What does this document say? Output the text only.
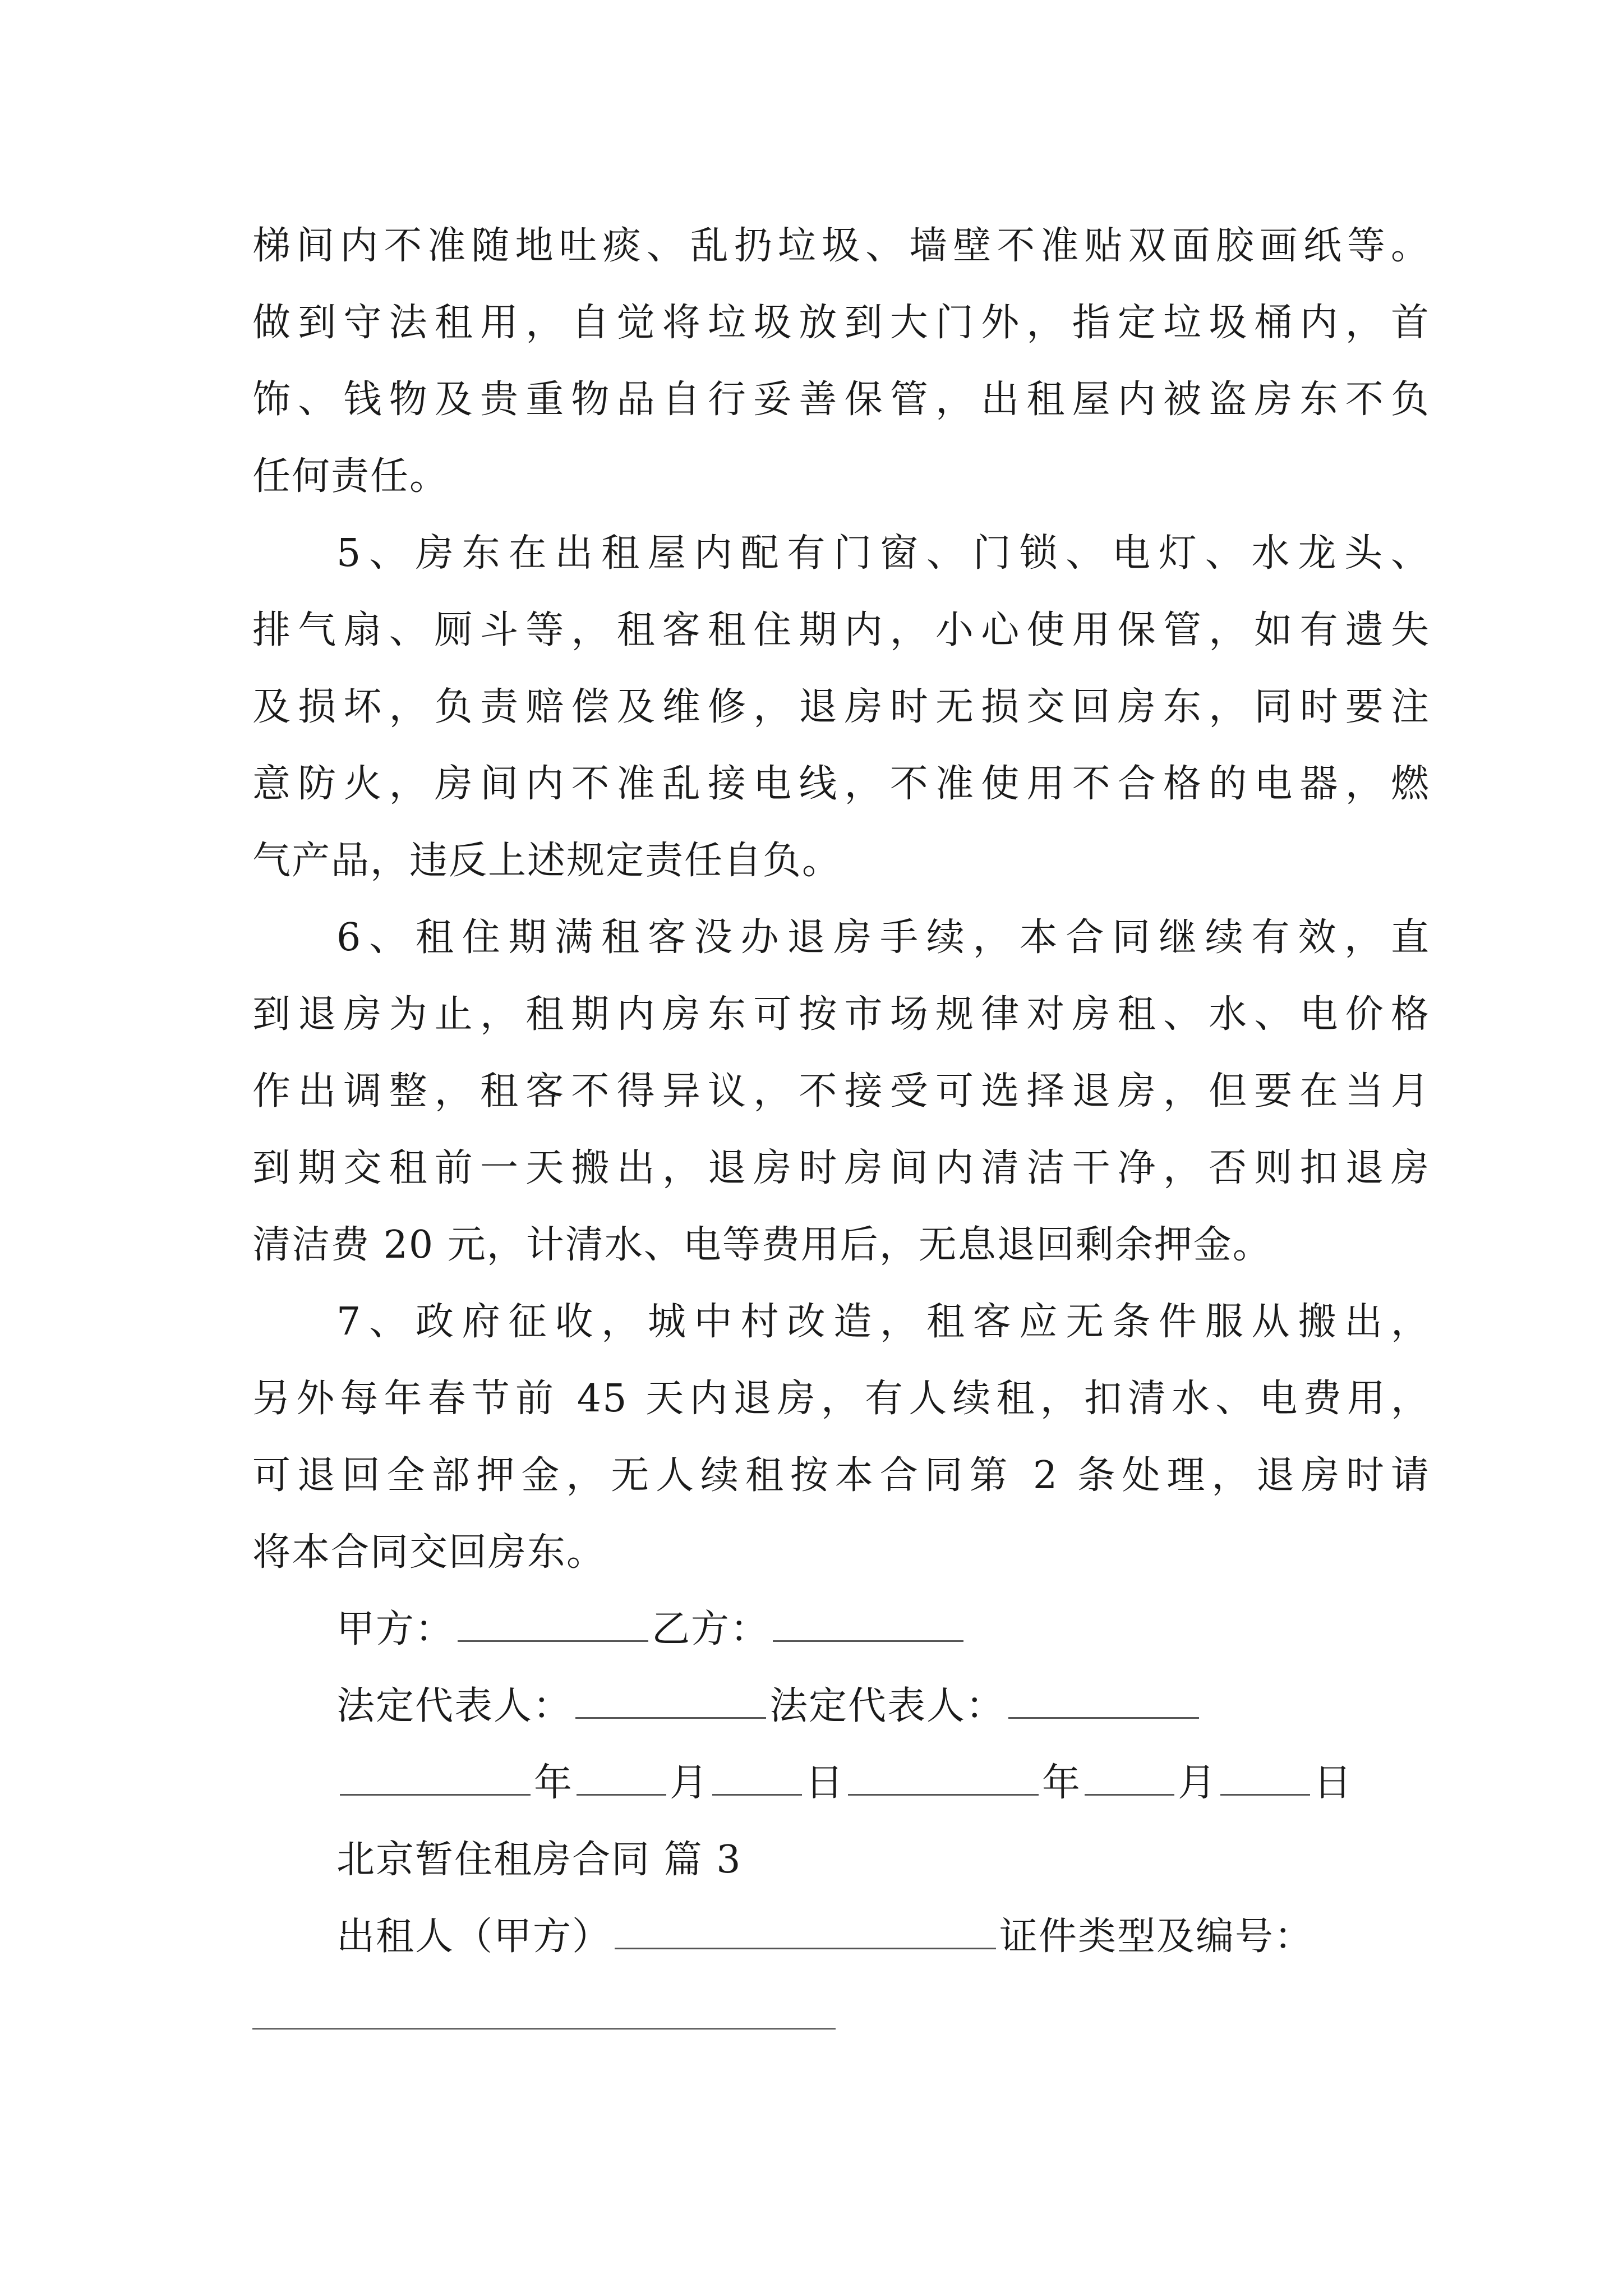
梯间内不准随地吐痰、乱扔垃圾、墙壁不准贴双面胶画纸等。
做到守法租用，自觉将垃圾放到大门外，指定垃圾桶内，首
饰、钱物及贵重物品自行妥善保管，出租屋内被盗房东不负
任何责任。
5、房东在出租屋内配有门窗、门锁、电灯、水龙头、
排气扇、厕斗等，租客租住期内，小心使用保管，如有遗失
及损坏，负责赔偿及维修，退房时无损交回房东，同时要注
意防火，房间内不准乱接电线，不准使用不合格的电器，燃
气产品，违反上述规定责任自负。
6、租住期满租客没办退房手续，本合同继续有效，直
到退房为止，租期内房东可按市场规律对房租、水、电价格
作出调整，租客不得异议，不接受可选择退房，但要在当月
到期交租前一天搬出，退房时房间内清洁干净，否则扣退房
清洁费 20 元，计清水、电等费用后，无息退回剩余押金。
7、政府征收，城中村改造，租客应无条件服从搬出，
另外每年春节前 45 天内退房，有人续租，扣清水、电费用，
可退回全部押金，无人续租按本合同第 2 条处理，退房时请
将本合同交回房东。
甲方：	乙方：
法定代表人：	法定代表人：
年	月	日	年	月	日
北京暂住租房合同 篇 3
出租人（甲方）	证件类型及编号：
